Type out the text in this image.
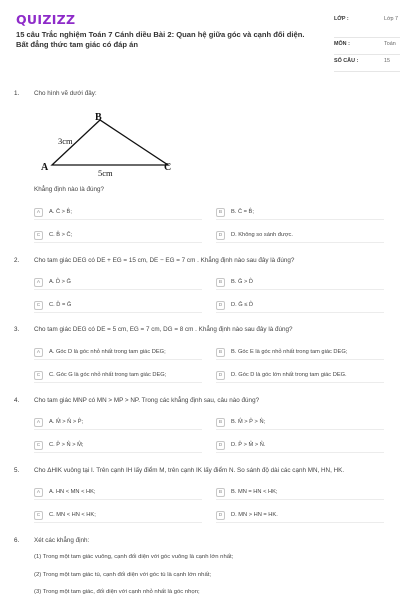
QUIZIZZ
15 câu Trắc nghiệm Toán 7 Cánh diều Bài 2: Quan hệ giữa góc và cạnh đối diện. Bất đẳng thức tam giác có đáp án
LỚP :	Lớp 7
MÔN :	Toán
SỐ CÂU :	15
1. Cho hình vẽ dưới đây:
B
A	C
3cm
5cm
Khẳng định nào là đúng?
A	A. Ĉ > B̂;	B	B. Ĉ = B̂;
C	C. B̂ > Ĉ;	D	D. Không so sánh được.
2. Cho tam giác DEG có DE + EG = 15 cm, DE − EG = 7 cm . Khẳng định nào sau đây là đúng?
A	A. D̂ > Ĝ	B	B. Ĝ > D̂
C	C. D̂ = Ĝ	D	D. Ĝ ≤ D̂
3. Cho tam giác DEG có DE = 5 cm, EG = 7 cm, DG = 8 cm . Khẳng định nào sau đây là đúng?
A	A. Góc D là góc nhỏ nhất trong tam giác DEG;	B	B. Góc E là góc nhỏ nhất trong tam giác DEG;
C	C. Góc G là góc nhỏ nhất trong tam giác DEG;	D	D. Góc D là góc lớn nhất trong tam giác DEG.
4. Cho tam giác MNP có MN > MP > NP. Trong các khẳng định sau, câu nào đúng?
A	A. M̂ > N̂ > P̂;	B	B. M̂ > P̂ > N̂;
C	C. P̂ > N̂ > M̂;	D	D. P̂ > M̂ > N̂.
5. Cho ΔHIK vuông tại I. Trên cạnh IH lấy điểm M, trên cạnh IK lấy điểm N. So sánh độ dài các cạnh MN, HN, HK.
A	A. HN < MN < HK;	B	B. MN = HN < HK;
C	C. MN < HN < HK;	D	D. MN > HN = HK.
6. Xét các khẳng định:
(1) Trong một tam giác vuông, cạnh đối diện với góc vuông là cạnh lớn nhất;
(2) Trong một tam giác tù, cạnh đối diện với góc tù là cạnh lớn nhất;
(3) Trong một tam giác, đối diện với cạnh nhỏ nhất là góc nhọn;
